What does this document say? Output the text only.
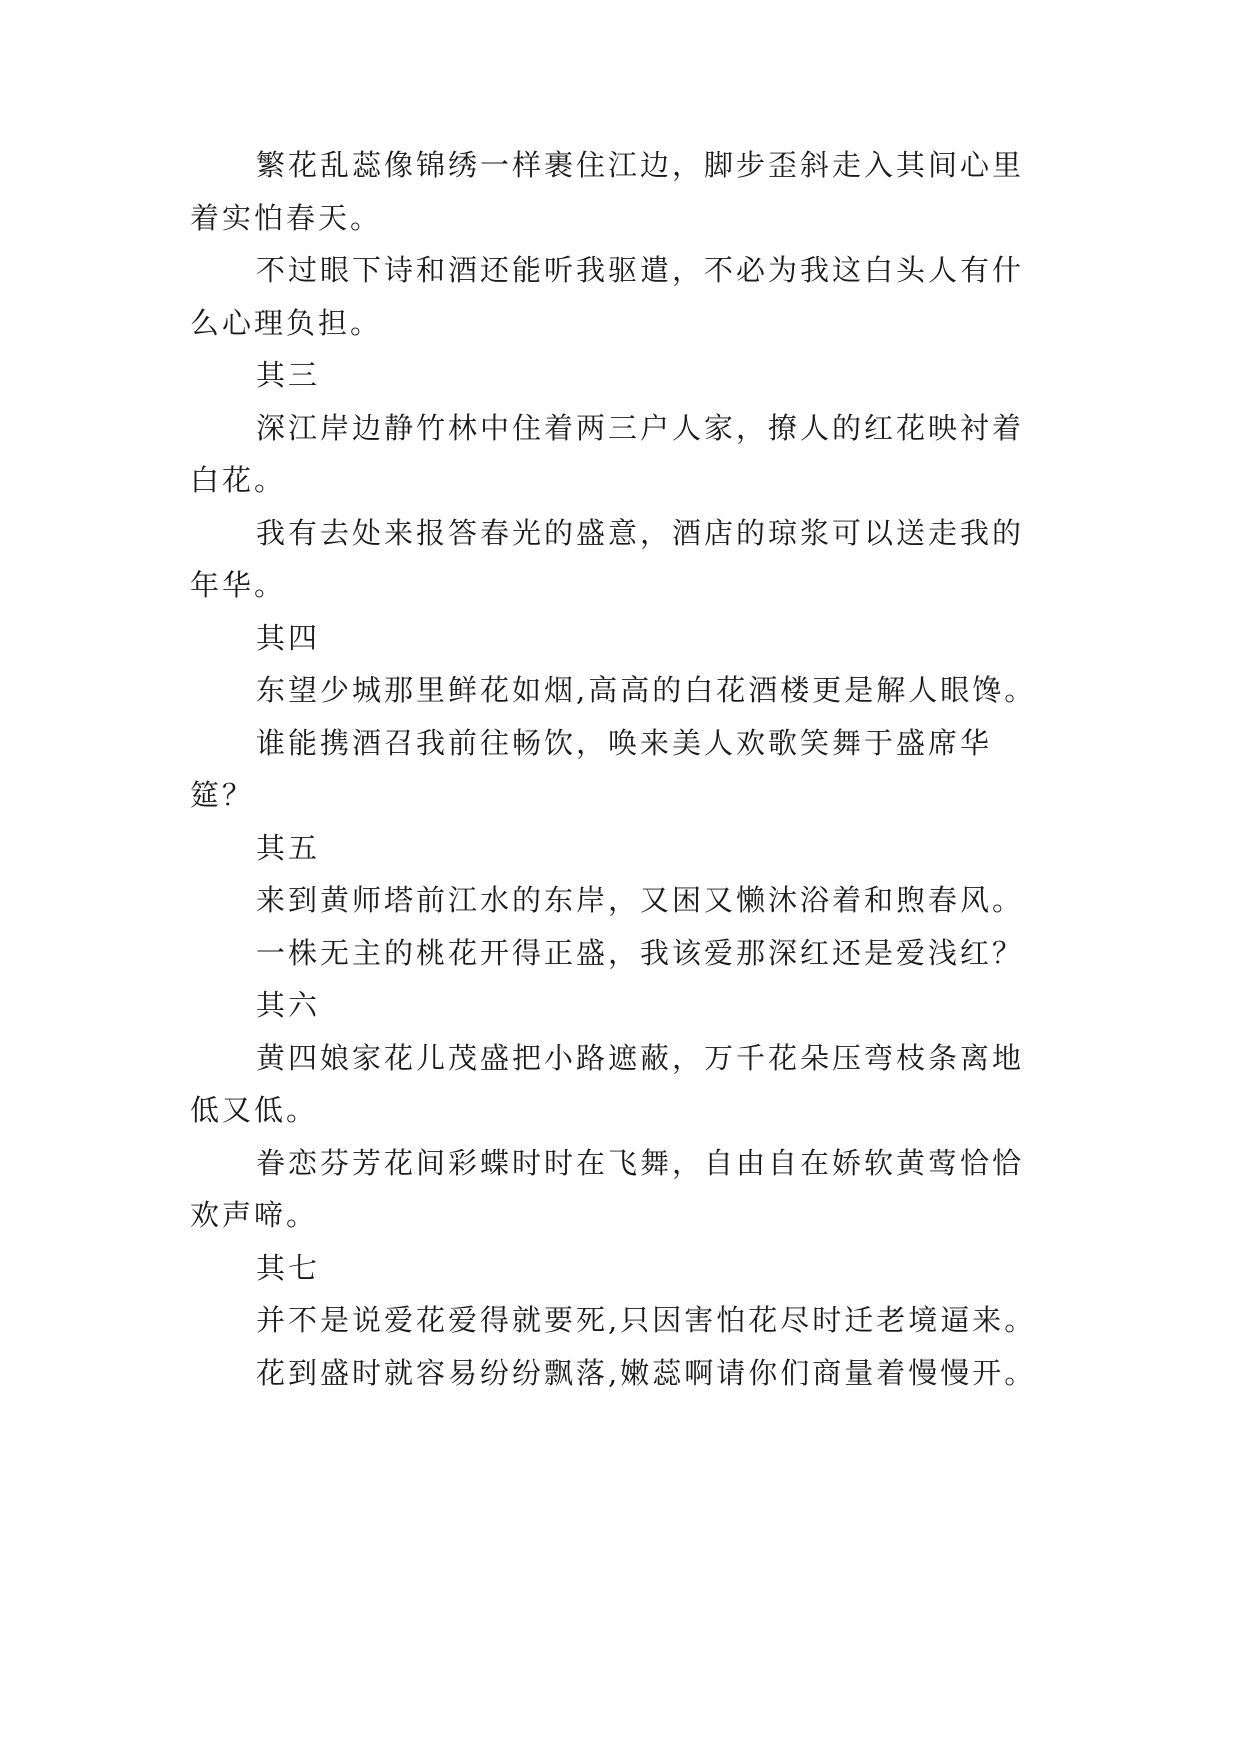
繁花乱蕊像锦绣一样裹住江边，脚步歪斜走入其间心里
着实怕春天。
不过眼下诗和酒还能听我驱遣，不必为我这白头人有什
么心理负担。
其三
深江岸边静竹林中住着两三户人家，撩人的红花映衬着
白花。
我有去处来报答春光的盛意，酒店的琼浆可以送走我的
年华。
其四
东望少城那里鲜花如烟,高高的白花酒楼更是解人眼馋。
谁能携酒召我前往畅饮，唤来美人欢歌笑舞于盛席华
筵？
其五
来到黄师塔前江水的东岸，又困又懒沐浴着和煦春风。
一株无主的桃花开得正盛，我该爱那深红还是爱浅红？
其六
黄四娘家花儿茂盛把小路遮蔽，万千花朵压弯枝条离地
低又低。
眷恋芬芳花间彩蝶时时在飞舞，自由自在娇软黄莺恰恰
欢声啼。
其七
并不是说爱花爱得就要死,只因害怕花尽时迁老境逼来。
花到盛时就容易纷纷飘落,嫩蕊啊请你们商量着慢慢开。
